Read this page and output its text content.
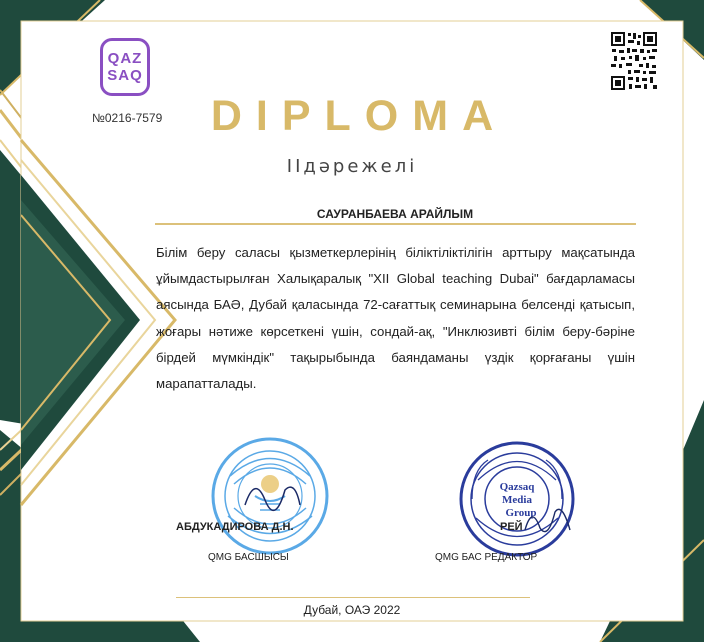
QAZ
SAQ
№0216-7579	DIPLOMA
ІІдәрежелі
САУРАНБАЕВА АРАЙЛЫМ
Білім беру саласы қызметкерлерінің біліктіліктілігін арттыру мақсатында ұйымдастырылған Халықаралық "XII Global teaching Dubai" бағдарламасы аясында БАӘ, Дубай қаласында 72-сағаттық семинарына белсенді қатысып, жоғары нәтиже көрсеткені үшін, сондай-ақ, "Инклюзивті білім беру-бәріне бірдей мүмкіндік" тақырыбында баяндаманы үздік қорғағаны үшін марапатталады.
АБДУКАДИРОВА Д.Н.
QMG БАСШЫСЫ
Qazsaq
Media
Group
РЕЙ
QMG БАС РЕДАКТОР
Дубай, ОАЭ 2022
